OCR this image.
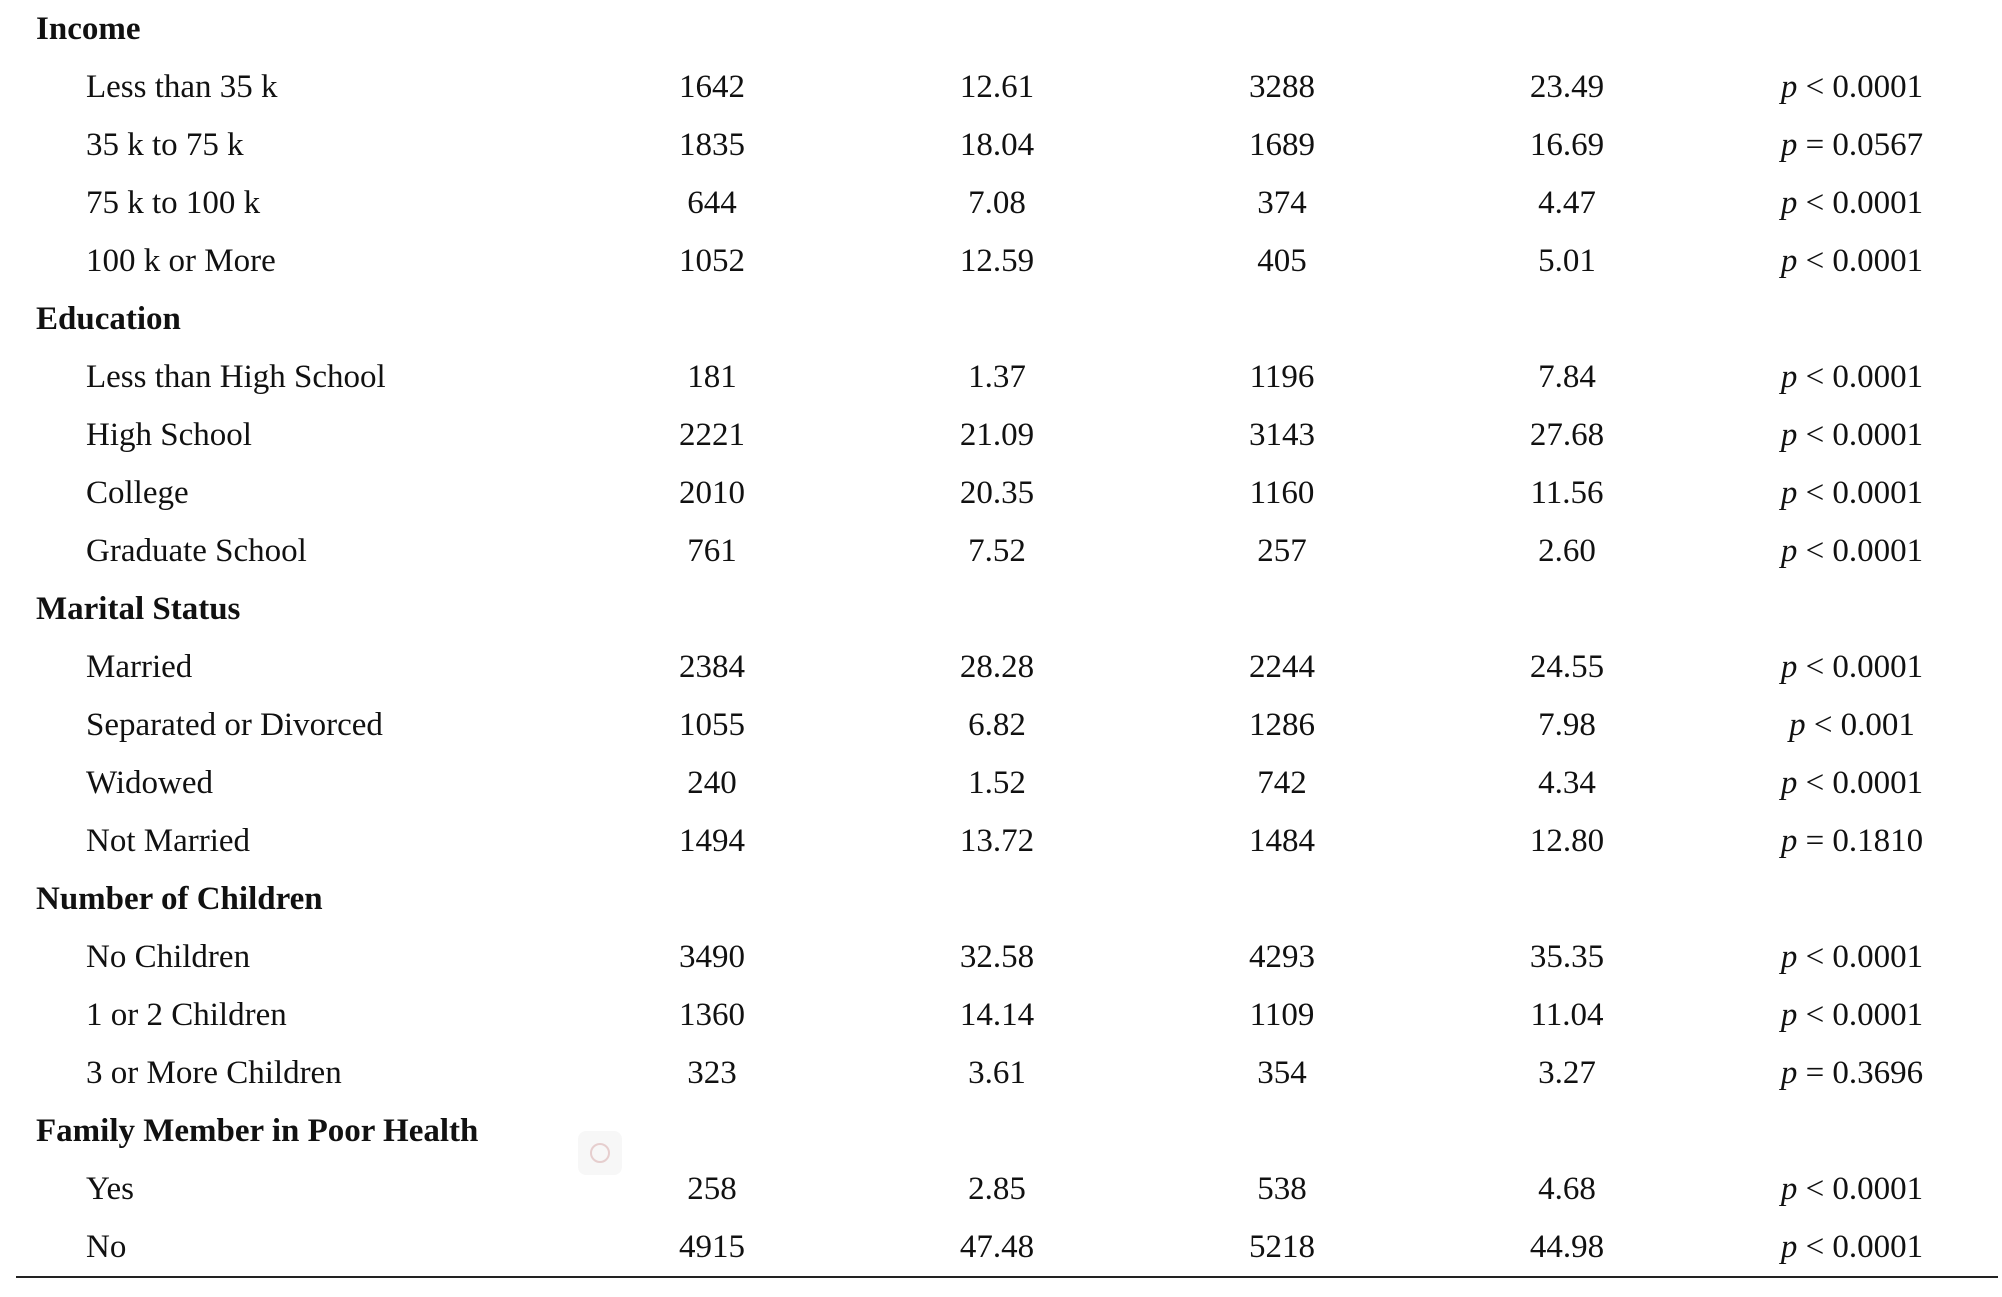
Income
Less than 35 k	1642	12.61	3288	23.49	p < 0.0001
35 k to 75 k	1835	18.04	1689	16.69	p = 0.0567
75 k to 100 k	644	7.08	374	4.47	p < 0.0001
100 k or More	1052	12.59	405	5.01	p < 0.0001
Education
Less than High School	181	1.37	1196	7.84	p < 0.0001
High School	2221	21.09	3143	27.68	p < 0.0001
College	2010	20.35	1160	11.56	p < 0.0001
Graduate School	761	7.52	257	2.60	p < 0.0001
Marital Status
Married	2384	28.28	2244	24.55	p < 0.0001
Separated or Divorced	1055	6.82	1286	7.98	p < 0.001
Widowed	240	1.52	742	4.34	p < 0.0001
Not Married	1494	13.72	1484	12.80	p = 0.1810
Number of Children
No Children	3490	32.58	4293	35.35	p < 0.0001
1 or 2 Children	1360	14.14	1109	11.04	p < 0.0001
3 or More Children	323	3.61	354	3.27	p = 0.3696
Family Member in Poor Health
Yes	258	2.85	538	4.68	p < 0.0001
No	4915	47.48	5218	44.98	p < 0.0001
